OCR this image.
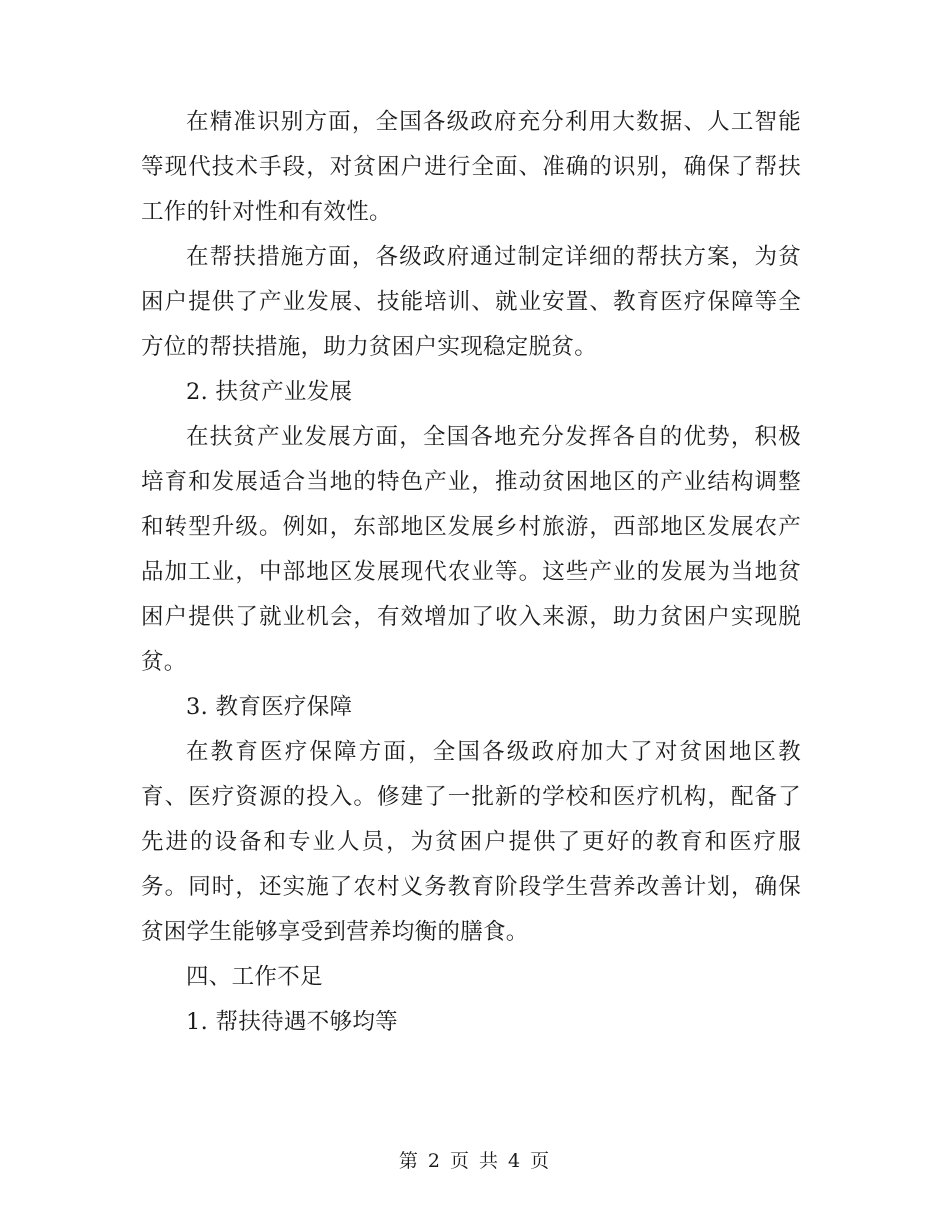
在精准识别方面，全国各级政府充分利用大数据、人工智能等现代技术手段，对贫困户进行全面、准确的识别，确保了帮扶工作的针对性和有效性。

在帮扶措施方面，各级政府通过制定详细的帮扶方案，为贫困户提供了产业发展、技能培训、就业安置、教育医疗保障等全方位的帮扶措施，助力贫困户实现稳定脱贫。

2. 扶贫产业发展

在扶贫产业发展方面，全国各地充分发挥各自的优势，积极培育和发展适合当地的特色产业，推动贫困地区的产业结构调整和转型升级。例如，东部地区发展乡村旅游，西部地区发展农产品加工业，中部地区发展现代农业等。这些产业的发展为当地贫困户提供了就业机会，有效增加了收入来源，助力贫困户实现脱贫。

3. 教育医疗保障

在教育医疗保障方面，全国各级政府加大了对贫困地区教育、医疗资源的投入。修建了一批新的学校和医疗机构，配备了先进的设备和专业人员，为贫困户提供了更好的教育和医疗服务。同时，还实施了农村义务教育阶段学生营养改善计划，确保贫困学生能够享受到营养均衡的膳食。

四、工作不足

1. 帮扶待遇不够均等

第 2 页 共 4 页
